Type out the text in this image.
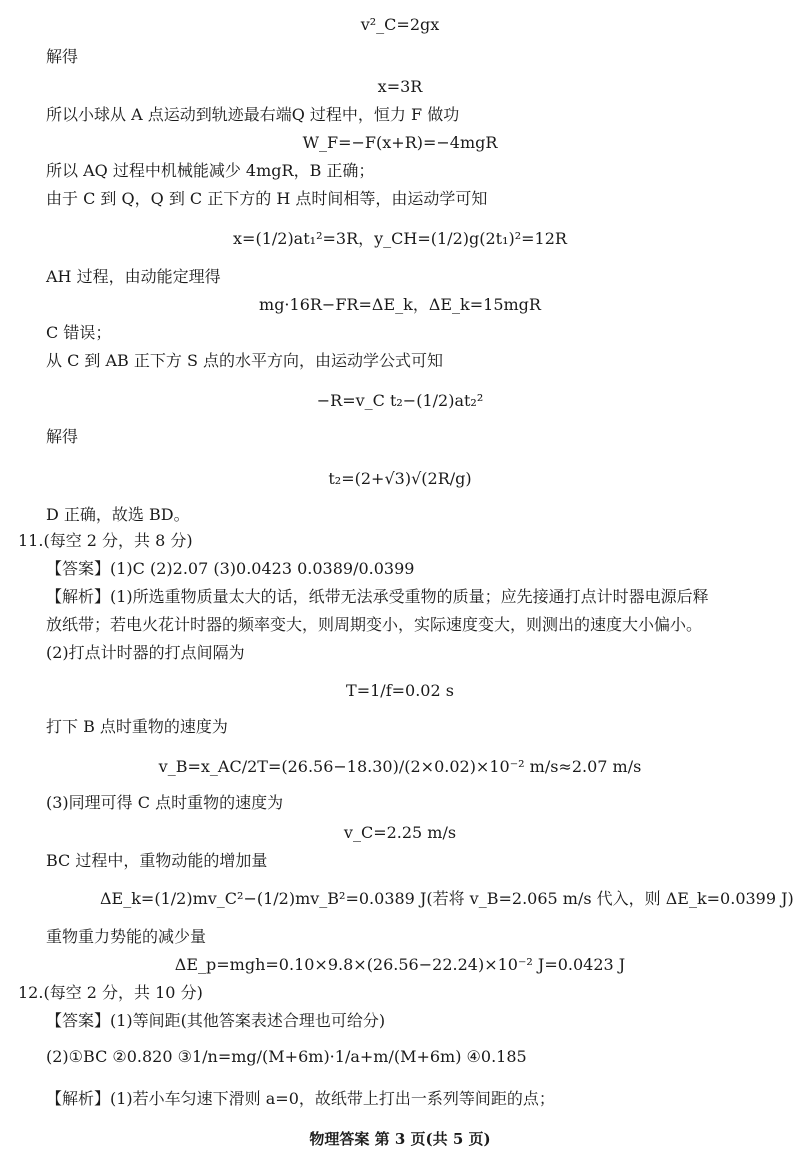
v²_C=2gx
解得
x=3R
所以小球从 A 点运动到轨迹最右端Q 过程中，恒力 F 做功
W_F=−F(x+R)=−4mgR
所以 AQ 过程中机械能减少 4mgR，B 正确；
由于 C 到 Q，Q 到 C 正下方的 H 点时间相等，由运动学可知
x=(1/2)at₁²=3R，y_CH=(1/2)g(2t₁)²=12R
AH 过程，由动能定理得
mg·16R−FR=ΔE_k，ΔE_k=15mgR
C 错误；
从 C 到 AB 正下方 S 点的水平方向，由运动学公式可知
−R=v_C t₂−(1/2)at₂²
解得
t₂=(2+√3)√(2R/g)
D 正确，故选 BD。
11.(每空 2 分，共 8 分)
【答案】(1)C (2)2.07 (3)0.0423 0.0389/0.0399
【解析】(1)所选重物质量太大的话，纸带无法承受重物的质量；应先接通打点计时器电源后释
放纸带；若电火花计时器的频率变大，则周期变小，实际速度变大，则测出的速度大小偏小。
(2)打点计时器的打点间隔为
T=1/f=0.02 s
打下 B 点时重物的速度为
v_B=x_AC/2T=(26.56−18.30)/(2×0.02)×10⁻² m/s≈2.07 m/s
(3)同理可得 C 点时重物的速度为
v_C=2.25 m/s
BC 过程中，重物动能的增加量
ΔE_k=(1/2)mv_C²−(1/2)mv_B²=0.0389 J(若将 v_B=2.065 m/s 代入，则 ΔE_k=0.0399 J)
重物重力势能的减少量
ΔE_p=mgh=0.10×9.8×(26.56−22.24)×10⁻² J=0.0423 J
12.(每空 2 分，共 10 分)
【答案】(1)等间距(其他答案表述合理也可给分)
(2)①BC ②0.820 ③1/n=mg/(M+6m)·1/a+m/(M+6m) ④0.185
【解析】(1)若小车匀速下滑则 a=0，故纸带上打出一系列等间距的点；
物理答案 第 3 页(共 5 页)
